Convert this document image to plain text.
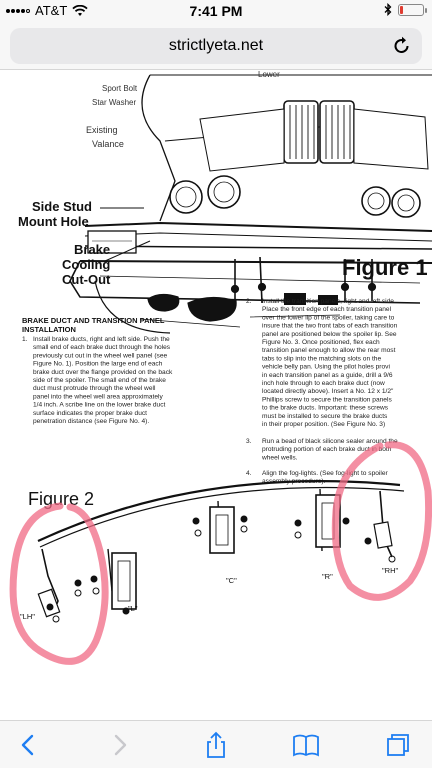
AT&T	7:41 PM
strictlyeta.net
Lower
Sport Bolt
Star Washer
Existing
Valance
Side Stud
Mount Hole
Brake
Cooling
Cut-Out	Figure 1
BRAKE DUCT AND TRANSITION PANEL
INSTALLATION
1. Install brake ducts, right and left side. Push the
small end of each brake duct through the holes
previously cut out in the wheel well panel (see
Figure No. 1). Position the large end of each
brake duct over the flange provided on the back
side of the spoiler. The small end of the brake
duct must protrude through the wheel well
panel into the wheel well area approximately
1/4 inch. A scribe line on the lower brake duct
surface indicates the proper brake duct
penetration distance (see Figure No. 4).
2. Install the transition panels, right and left side.
Place the front edge of each transition panel
over the lower lip of the spoiler, taking care to
insure that the two front tabs of each transition
panel are positioned below the spoiler lip. See
Figure No. 3. Once positioned, flex each
transition panel enough to allow the rear most
tabs to slip into the matching slots on the
vehicle belly pan. Using the pilot holes provi
in each transition panel as a guide, drill a 9/6
inch hole through to each brake duct (now
located directly above). Insert a No. 12 x 1/2"
Phillips screw to secure the transition panels
to the brake ducts. Important: these screws
must be installed to secure the brake ducts
in their proper position. (See Figure No. 3)
3. Run a bead of black silicone sealer around the
protruding portion of each brake duct in both
wheel wells.
4. Align the fog-lights. (See fog-light to spoiler
assembly procedure).
Figure 2
"LH"
"L"
"C"	"R"
"RH"
